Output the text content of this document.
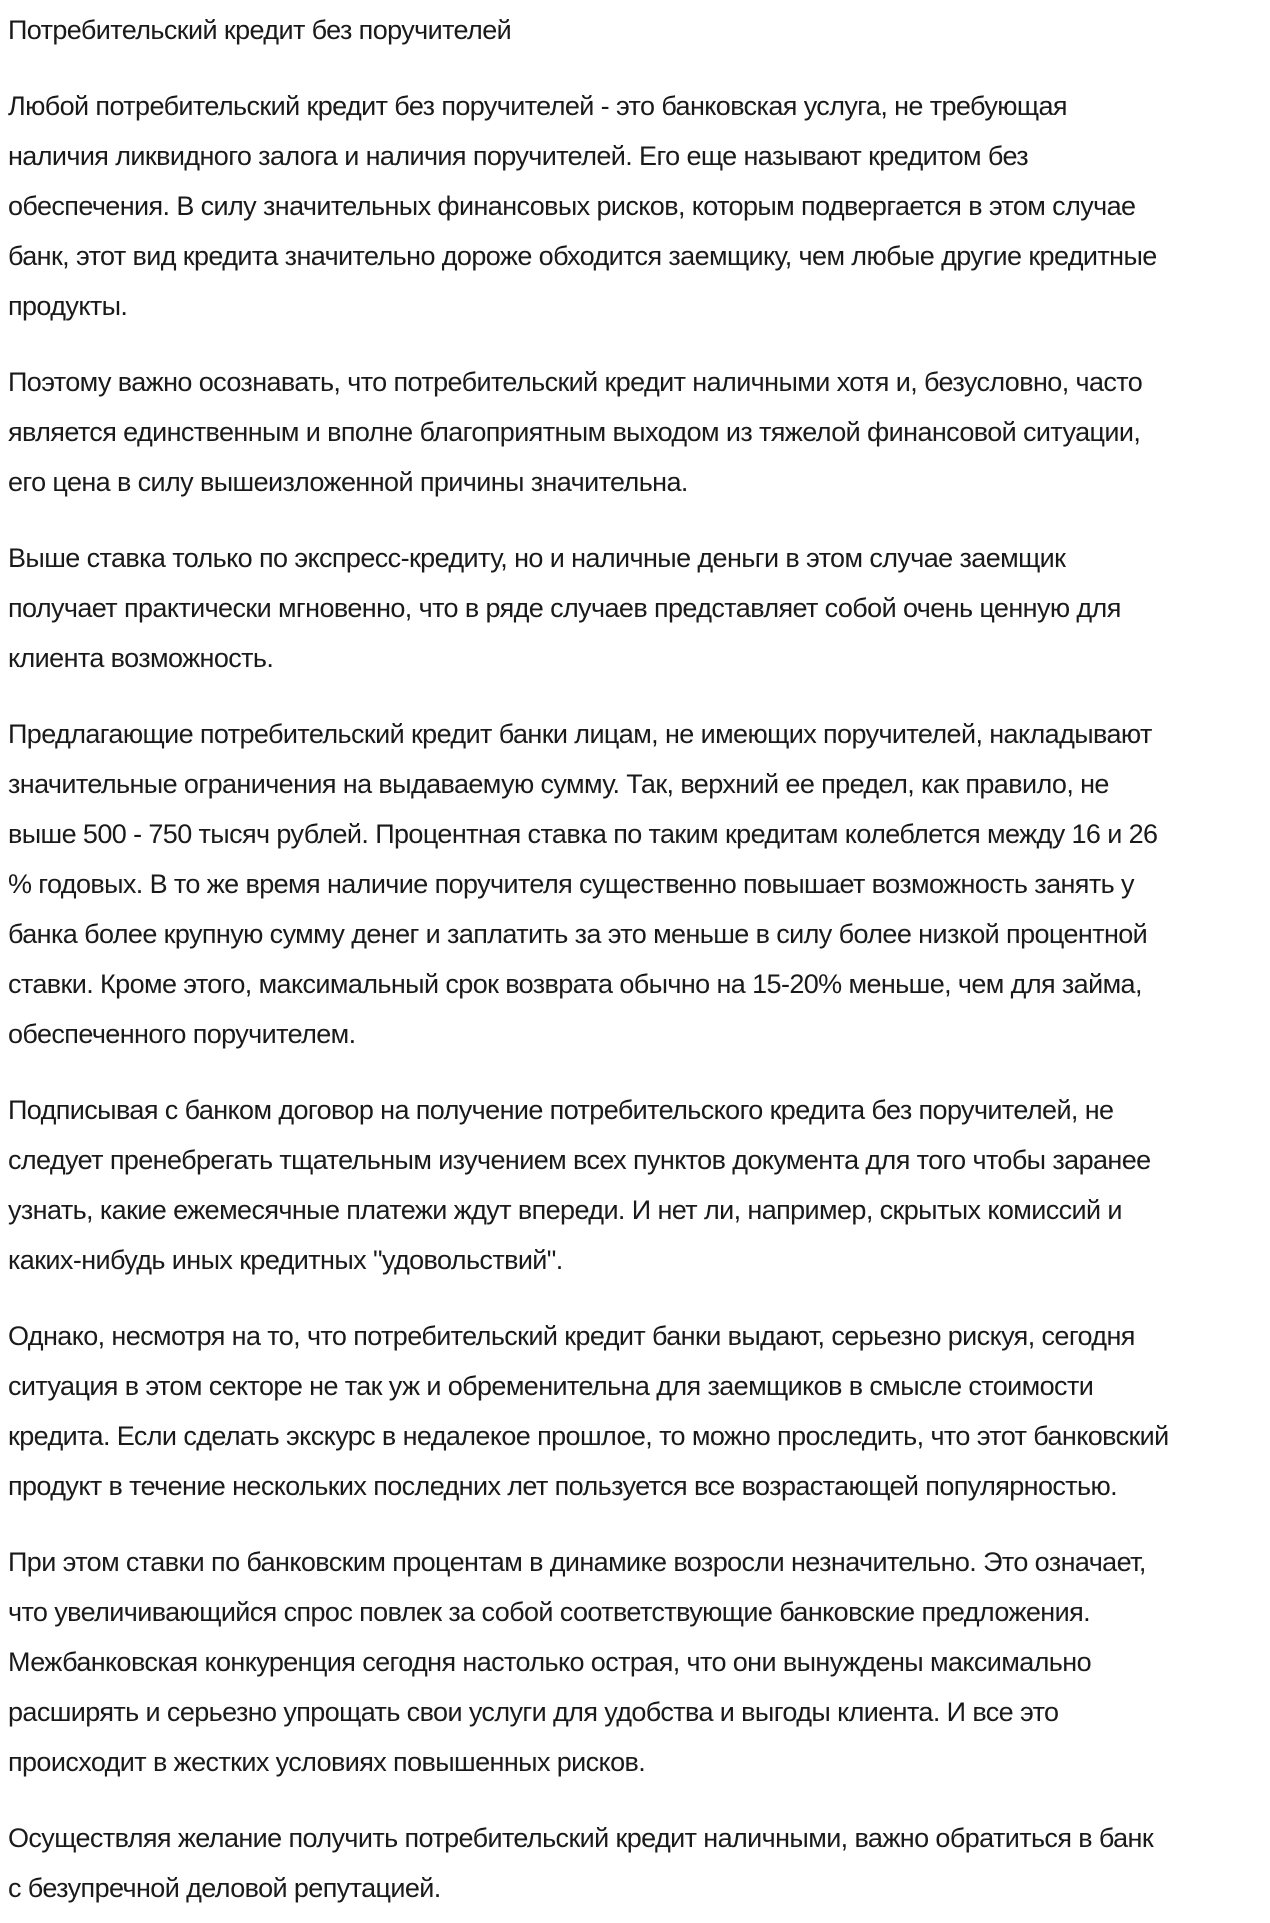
Потребительский кредит без поручителей

Любой потребительский кредит без поручителей - это банковская услуга, не требующая наличия ликвидного залога и наличия поручителей. Его еще называют кредитом без обеспечения. В силу значительных финансовых рисков, которым подвергается в этом случае банк, этот вид кредита значительно дороже обходится заемщику, чем любые другие кредитные продукты.

Поэтому важно осознавать, что потребительский кредит наличными хотя и, безусловно, часто является единственным и вполне благоприятным выходом из тяжелой финансовой ситуации, его цена в силу вышеизложенной причины значительна.

Выше ставка только по экспресс-кредиту, но и наличные деньги в этом случае заемщик получает практически мгновенно, что в ряде случаев представляет собой очень ценную для клиента возможность.

Предлагающие потребительский кредит банки лицам, не имеющих поручителей, накладывают значительные ограничения на выдаваемую сумму. Так, верхний ее предел, как правило, не выше 500 - 750 тысяч рублей. Процентная ставка по таким кредитам колеблется между 16 и 26 % годовых. В то же время наличие поручителя существенно повышает возможность занять у банка более крупную сумму денег и заплатить за это меньше в силу более низкой процентной ставки. Кроме этого, максимальный срок возврата обычно на 15-20% меньше, чем для займа, обеспеченного поручителем.

Подписывая с банком договор на получение потребительского кредита без поручителей, не следует пренебрегать тщательным изучением всех пунктов документа для того чтобы заранее узнать, какие ежемесячные платежи ждут впереди. И нет ли, например, скрытых комиссий и каких-нибудь иных кредитных "удовольствий".

Однако, несмотря на то, что потребительский кредит банки выдают, серьезно рискуя, сегодня ситуация в этом секторе не так уж и обременительна для заемщиков в смысле стоимости кредита. Если сделать экскурс в недалекое прошлое, то можно проследить, что этот банковский продукт в течение нескольких последних лет пользуется все возрастающей популярностью.

При этом ставки по банковским процентам в динамике возросли незначительно. Это означает, что увеличивающийся спрос повлек за собой соответствующие банковские предложения. Межбанковская конкуренция сегодня настолько острая, что они вынуждены максимально расширять и серьезно упрощать свои услуги для удобства и выгоды клиента. И все это происходит в жестких условиях повышенных рисков.

Осуществляя желание получить потребительский кредит наличными, важно обратиться в банк с безупречной деловой репутацией.
